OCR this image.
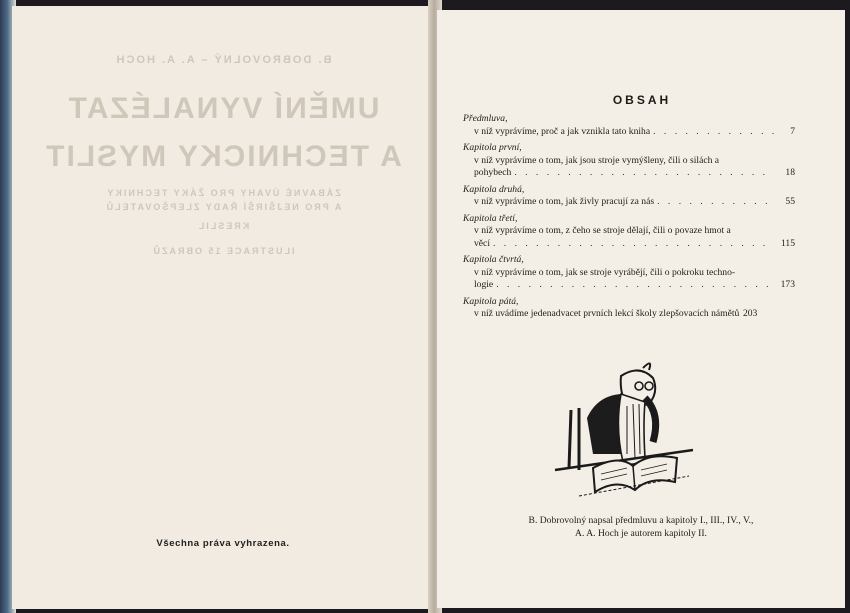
B. DOBROVOLNÝ – A. A. HOCH
UMĚNÍ VYNALÉZAT
A TECHNICKY MYSLIT
ZÁBAVNÉ ÚVAHY PRO ŽÁKY TECHNIKY
A PRO NEJŠIRŠÍ ŘADY ZLEPŠOVATELŮ
KRESLIL
ILUSTRACE 15 OBRAZŮ
Všechna práva vyhrazena.
OBSAH
Předmluva,
v níž vyprávíme, proč a jak vznikla tato kniha . . .	7
Kapitola první,
v níž vyprávíme o tom, jak jsou stroje vymýšleny, čili o silách a
pohybech . . .	18
Kapitola druhá,
v níž vyprávíme o tom, jak živly pracují za nás . . .	55
Kapitola třetí,
v níž vyprávíme o tom, z čeho se stroje dělají, čili o povaze hmot a
věcí . . .	115
Kapitola čtvrtá,
v níž vyprávíme o tom, jak se stroje vyrábějí, čili o pokroku techno-
logie . . .	173
Kapitola pátá,
v níž uvádíme jedenadvacet prvních lekcí školy zlepšovacích námětů 203
B. Dobrovolný napsal předmluvu a kapitoly I., III., IV., V.,
A. A. Hoch je autorem kapitoly II.
